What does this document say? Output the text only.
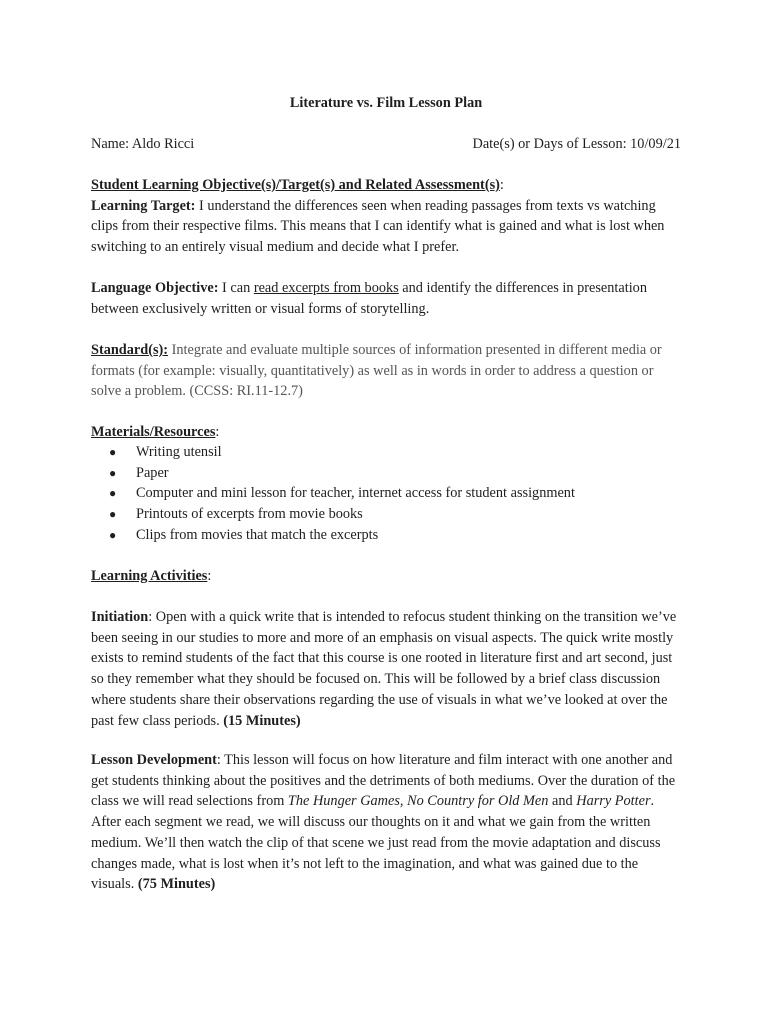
Literature vs. Film Lesson Plan
Name: Aldo Ricci	Date(s) or Days of Lesson: 10/09/21
Student Learning Objective(s)/Target(s) and Related Assessment(s):
Learning Target: I understand the differences seen when reading passages from texts vs watching clips from their respective films. This means that I can identify what is gained and what is lost when switching to an entirely visual medium and decide what I prefer.
Language Objective: I can read excerpts from books and identify the differences in presentation between exclusively written or visual forms of storytelling.
Standard(s): Integrate and evaluate multiple sources of information presented in different media or formats (for example: visually, quantitatively) as well as in words in order to address a question or solve a problem. (CCSS: RI.11-12.7)
Materials/Resources:
● Writing utensil
● Paper
● Computer and mini lesson for teacher, internet access for student assignment
● Printouts of excerpts from movie books
● Clips from movies that match the excerpts
Learning Activities:
Initiation: Open with a quick write that is intended to refocus student thinking on the transition we’ve been seeing in our studies to more and more of an emphasis on visual aspects. The quick write mostly exists to remind students of the fact that this course is one rooted in literature first and art second, just so they remember what they should be focused on. This will be followed by a brief class discussion where students share their observations regarding the use of visuals in what we’ve looked at over the past few class periods. (15 Minutes)
Lesson Development: This lesson will focus on how literature and film interact with one another and get students thinking about the positives and the detriments of both mediums. Over the duration of the class we will read selections from The Hunger Games, No Country for Old Men and Harry Potter. After each segment we read, we will discuss our thoughts on it and what we gain from the written medium. We’ll then watch the clip of that scene we just read from the movie adaptation and discuss changes made, what is lost when it’s not left to the imagination, and what was gained due to the visuals. (75 Minutes)
